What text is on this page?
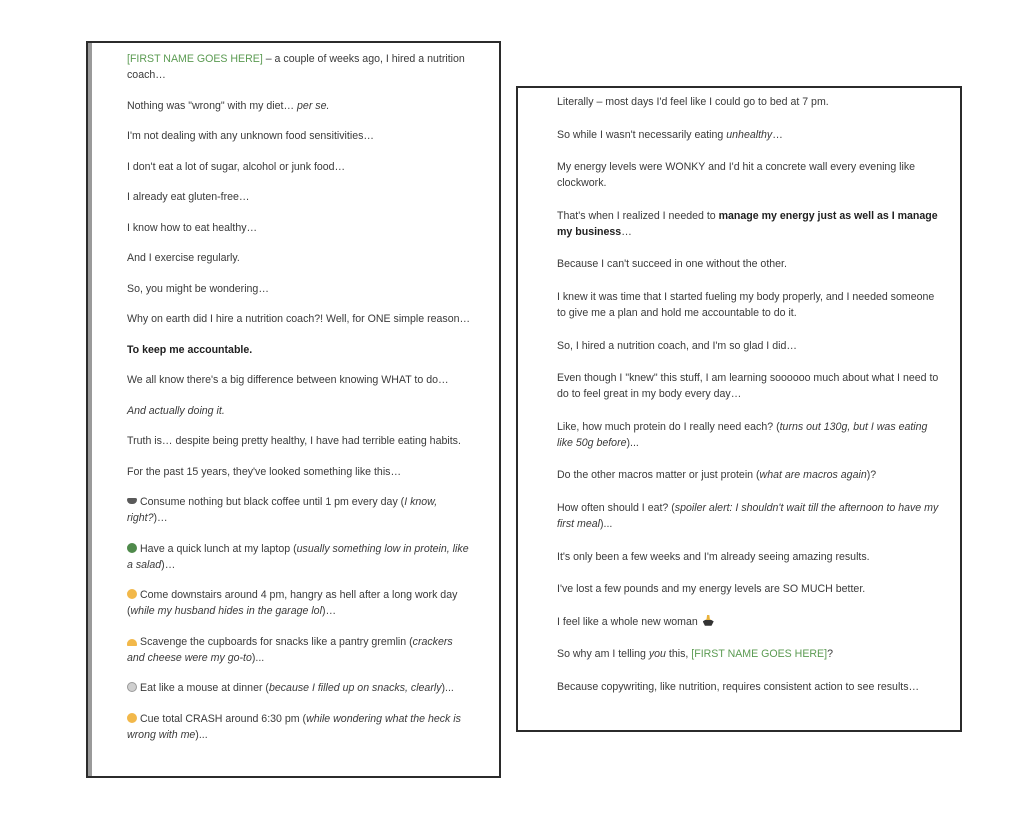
[FIRST NAME GOES HERE] – a couple of weeks ago, I hired a nutrition coach…

Nothing was "wrong" with my diet… per se.

I'm not dealing with any unknown food sensitivities…

I don't eat a lot of sugar, alcohol or junk food…

I already eat gluten-free…

I know how to eat healthy…

And I exercise regularly.

So, you might be wondering…

Why on earth did I hire a nutrition coach?! Well, for ONE simple reason…

To keep me accountable.

We all know there's a big difference between knowing WHAT to do…

And actually doing it.

Truth is… despite being pretty healthy, I have had terrible eating habits.

For the past 15 years, they've looked something like this…

Consume nothing but black coffee until 1 pm every day (I know, right?)…

Have a quick lunch at my laptop (usually something low in protein, like a salad)…

Come downstairs around 4 pm, hangry as hell after a long work day (while my husband hides in the garage lol)…

Scavenge the cupboards for snacks like a pantry gremlin (crackers and cheese were my go-to)...

Eat like a mouse at dinner (because I filled up on snacks, clearly)...

Cue total CRASH around 6:30 pm (while wondering what the heck is wrong with me)...

Literally – most days I'd feel like I could go to bed at 7 pm.

So while I wasn't necessarily eating unhealthy…

My energy levels were WONKY and I'd hit a concrete wall every evening like clockwork.

That's when I realized I needed to manage my energy just as well as I manage my business…

Because I can't succeed in one without the other.

I knew it was time that I started fueling my body properly, and I needed someone to give me a plan and hold me accountable to do it.

So, I hired a nutrition coach, and I'm so glad I did…

Even though I "knew" this stuff, I am learning soooooo much about what I need to do to feel great in my body every day…

Like, how much protein do I really need each? (turns out 130g, but I was eating like 50g before)...

Do the other macros matter or just protein (what are macros again)?

How often should I eat? (spoiler alert: I shouldn't wait till the afternoon to have my first meal)...

It's only been a few weeks and I'm already seeing amazing results.

I've lost a few pounds and my energy levels are SO MUCH better.

I feel like a whole new woman

So why am I telling you this, [FIRST NAME GOES HERE]?

Because copywriting, like nutrition, requires consistent action to see results…
